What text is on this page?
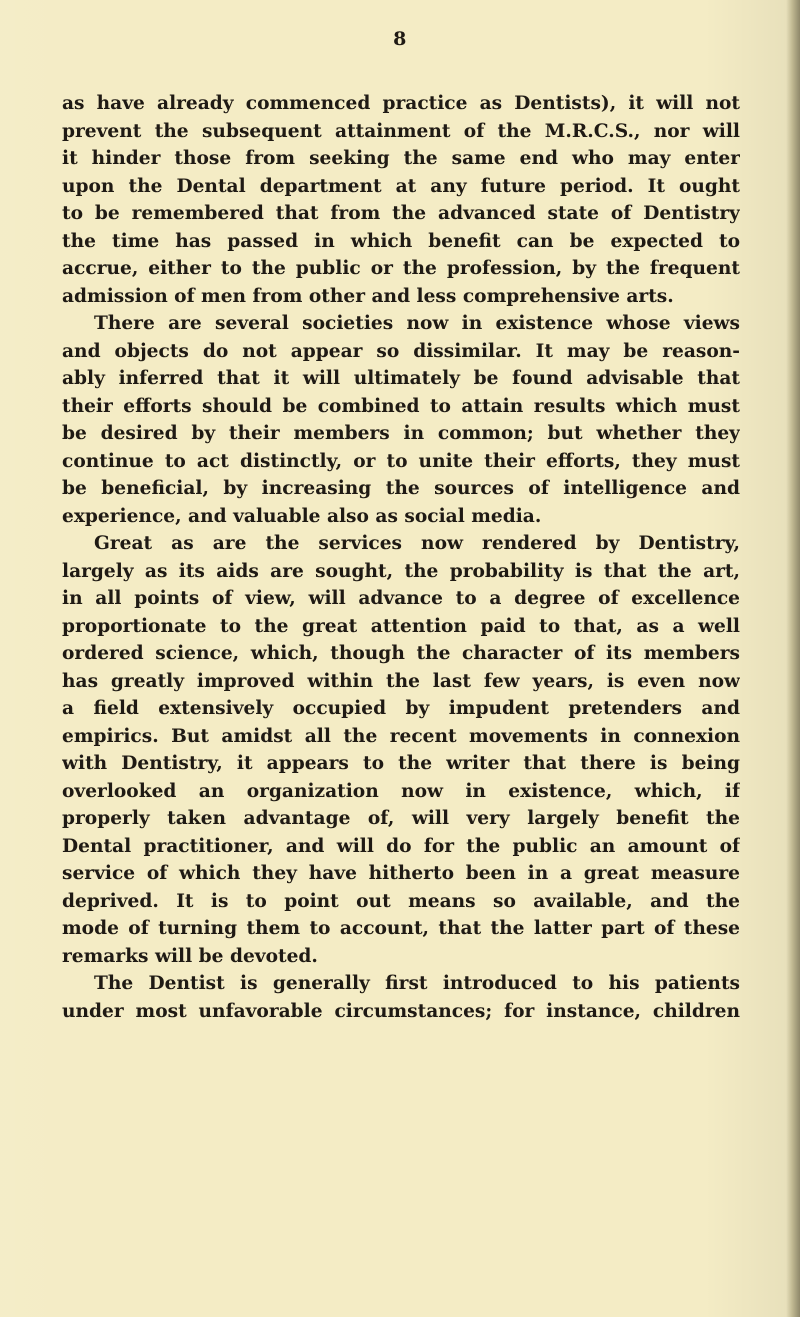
8
as have already commenced practice as Dentists), it will not
prevent the subsequent attainment of the M.R.C.S., nor will
it hinder those from seeking the same end who may enter
upon the Dental department at any future period. It ought
to be remembered that from the advanced state of Dentistry
the time has passed in which benefit can be expected to
accrue, either to the public or the profession, by the frequent
admission of men from other and less comprehensive arts.
There are several societies now in existence whose views
and objects do not appear so dissimilar. It may be reason-
ably inferred that it will ultimately be found advisable that
their efforts should be combined to attain results which must
be desired by their members in common; but whether they
continue to act distinctly, or to unite their efforts, they must
be beneficial, by increasing the sources of intelligence and
experience, and valuable also as social media.
Great as are the services now rendered by Dentistry,
largely as its aids are sought, the probability is that the art,
in all points of view, will advance to a degree of excellence
proportionate to the great attention paid to that, as a well
ordered science, which, though the character of its members
has greatly improved within the last few years, is even now
a field extensively occupied by impudent pretenders and
empirics. But amidst all the recent movements in connexion
with Dentistry, it appears to the writer that there is being
overlooked an organization now in existence, which, if
properly taken advantage of, will very largely benefit the
Dental practitioner, and will do for the public an amount of
service of which they have hitherto been in a great measure
deprived. It is to point out means so available, and the
mode of turning them to account, that the latter part of these
remarks will be devoted.
The Dentist is generally first introduced to his patients
under most unfavorable circumstances; for instance, children
